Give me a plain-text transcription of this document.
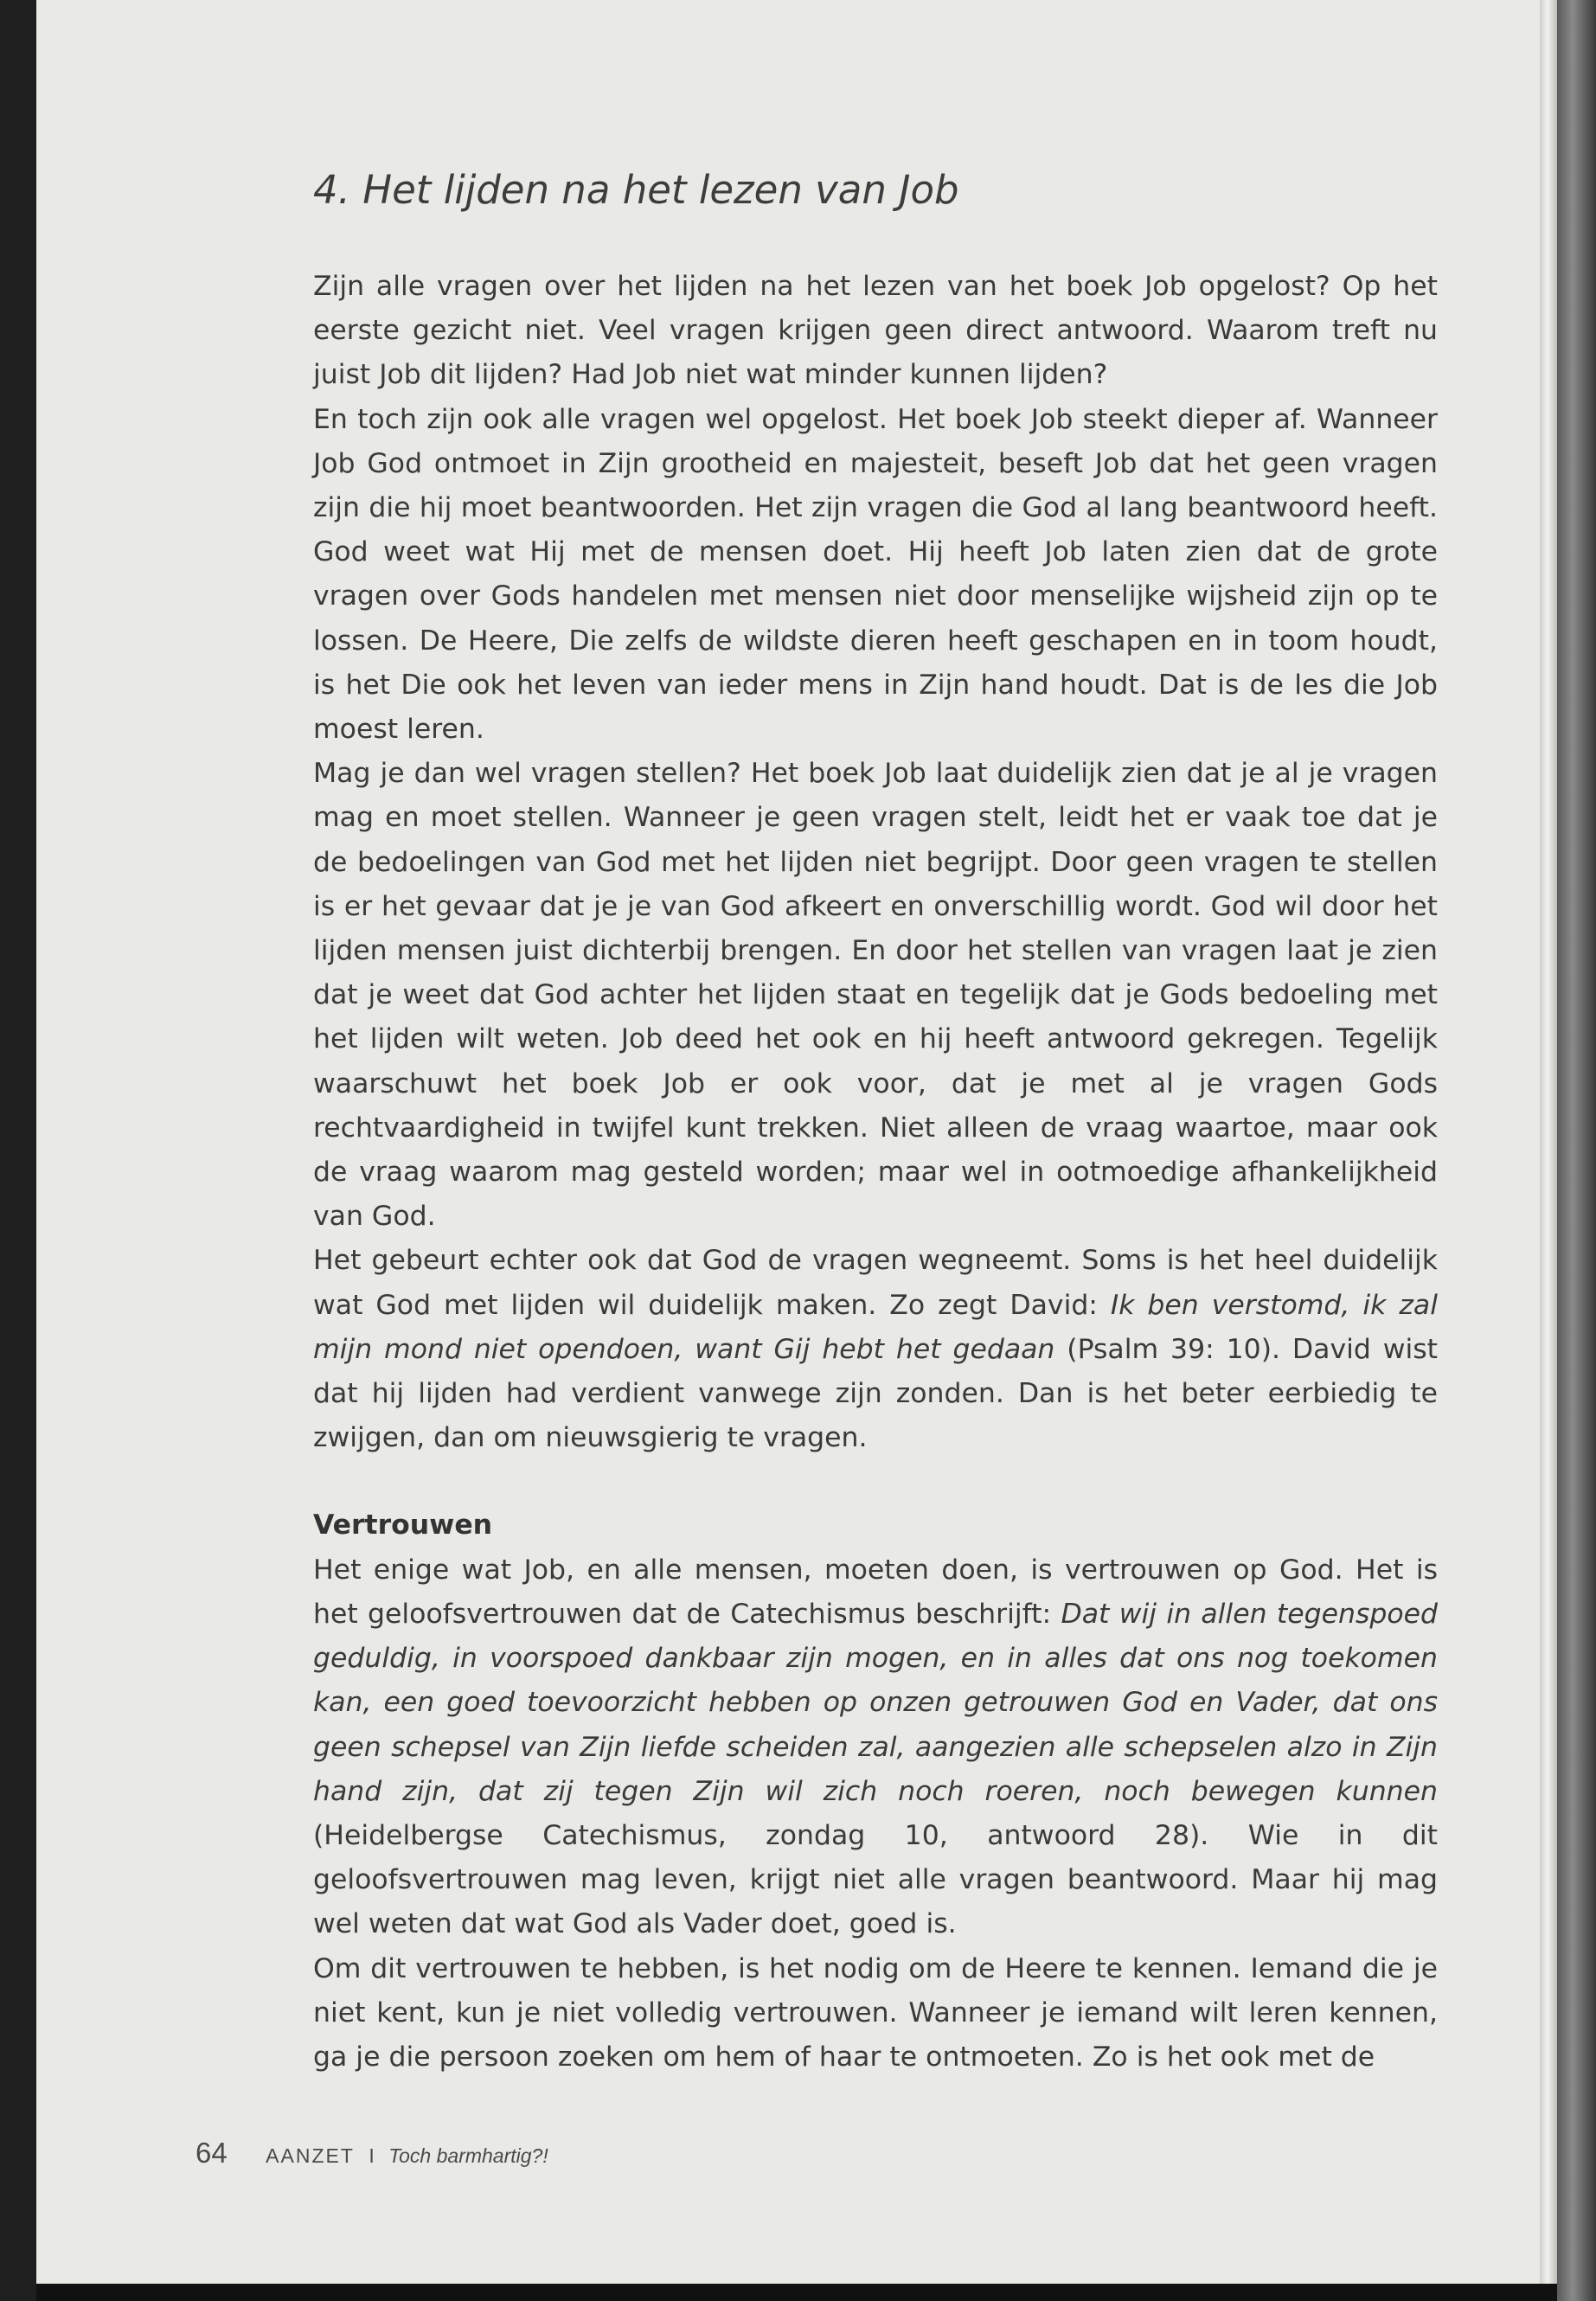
4. Het lijden na het lezen van Job

Zijn alle vragen over het lijden na het lezen van het boek Job opgelost? Op het eerste gezicht niet. Veel vragen krijgen geen direct antwoord. Waarom treft nu juist Job dit lijden? Had Job niet wat minder kunnen lijden?

En toch zijn ook alle vragen wel opgelost. Het boek Job steekt dieper af. Wanneer Job God ontmoet in Zijn grootheid en majesteit, beseft Job dat het geen vragen zijn die hij moet beantwoorden. Het zijn vragen die God al lang beantwoord heeft. God weet wat Hij met de mensen doet. Hij heeft Job laten zien dat de grote vragen over Gods handelen met mensen niet door menselijke wijsheid zijn op te lossen. De Heere, Die zelfs de wildste dieren heeft geschapen en in toom houdt, is het Die ook het leven van ieder mens in Zijn hand houdt. Dat is de les die Job moest leren.

Mag je dan wel vragen stellen? Het boek Job laat duidelijk zien dat je al je vragen mag en moet stellen. Wanneer je geen vragen stelt, leidt het er vaak toe dat je de bedoelingen van God met het lijden niet begrijpt. Door geen vragen te stellen is er het gevaar dat je je van God afkeert en onverschillig wordt. God wil door het lijden mensen juist dichterbij brengen. En door het stellen van vragen laat je zien dat je weet dat God achter het lijden staat en tegelijk dat je Gods bedoeling met het lijden wilt weten. Job deed het ook en hij heeft antwoord gekregen. Tegelijk waarschuwt het boek Job er ook voor, dat je met al je vragen Gods rechtvaardigheid in twijfel kunt trekken. Niet alleen de vraag waartoe, maar ook de vraag waarom mag gesteld worden; maar wel in ootmoedige afhankelijkheid van God.

Het gebeurt echter ook dat God de vragen wegneemt. Soms is het heel duidelijk wat God met lijden wil duidelijk maken. Zo zegt David: Ik ben verstomd, ik zal mijn mond niet opendoen, want Gij hebt het gedaan (Psalm 39: 10). David wist dat hij lijden had verdient vanwege zijn zonden. Dan is het beter eerbiedig te zwijgen, dan om nieuwsgierig te vragen.

Vertrouwen

Het enige wat Job, en alle mensen, moeten doen, is vertrouwen op God. Het is het geloofsvertrouwen dat de Catechismus beschrijft: Dat wij in allen tegenspoed geduldig, in voorspoed dankbaar zijn mogen, en in alles dat ons nog toekomen kan, een goed toevoorzicht hebben op onzen getrouwen God en Vader, dat ons geen schepsel van Zijn liefde scheiden zal, aangezien alle schepselen alzo in Zijn hand zijn, dat zij tegen Zijn wil zich noch roeren, noch bewegen kunnen (Heidelbergse Catechismus, zondag 10, antwoord 28). Wie in dit geloofsvertrouwen mag leven, krijgt niet alle vragen beantwoord. Maar hij mag wel weten dat wat God als Vader doet, goed is.

Om dit vertrouwen te hebben, is het nodig om de Heere te kennen. Iemand die je niet kent, kun je niet volledig vertrouwen. Wanneer je iemand wilt leren kennen, ga je die persoon zoeken om hem of haar te ontmoeten. Zo is het ook met de

64 AANZET I Toch barmhartig?!
